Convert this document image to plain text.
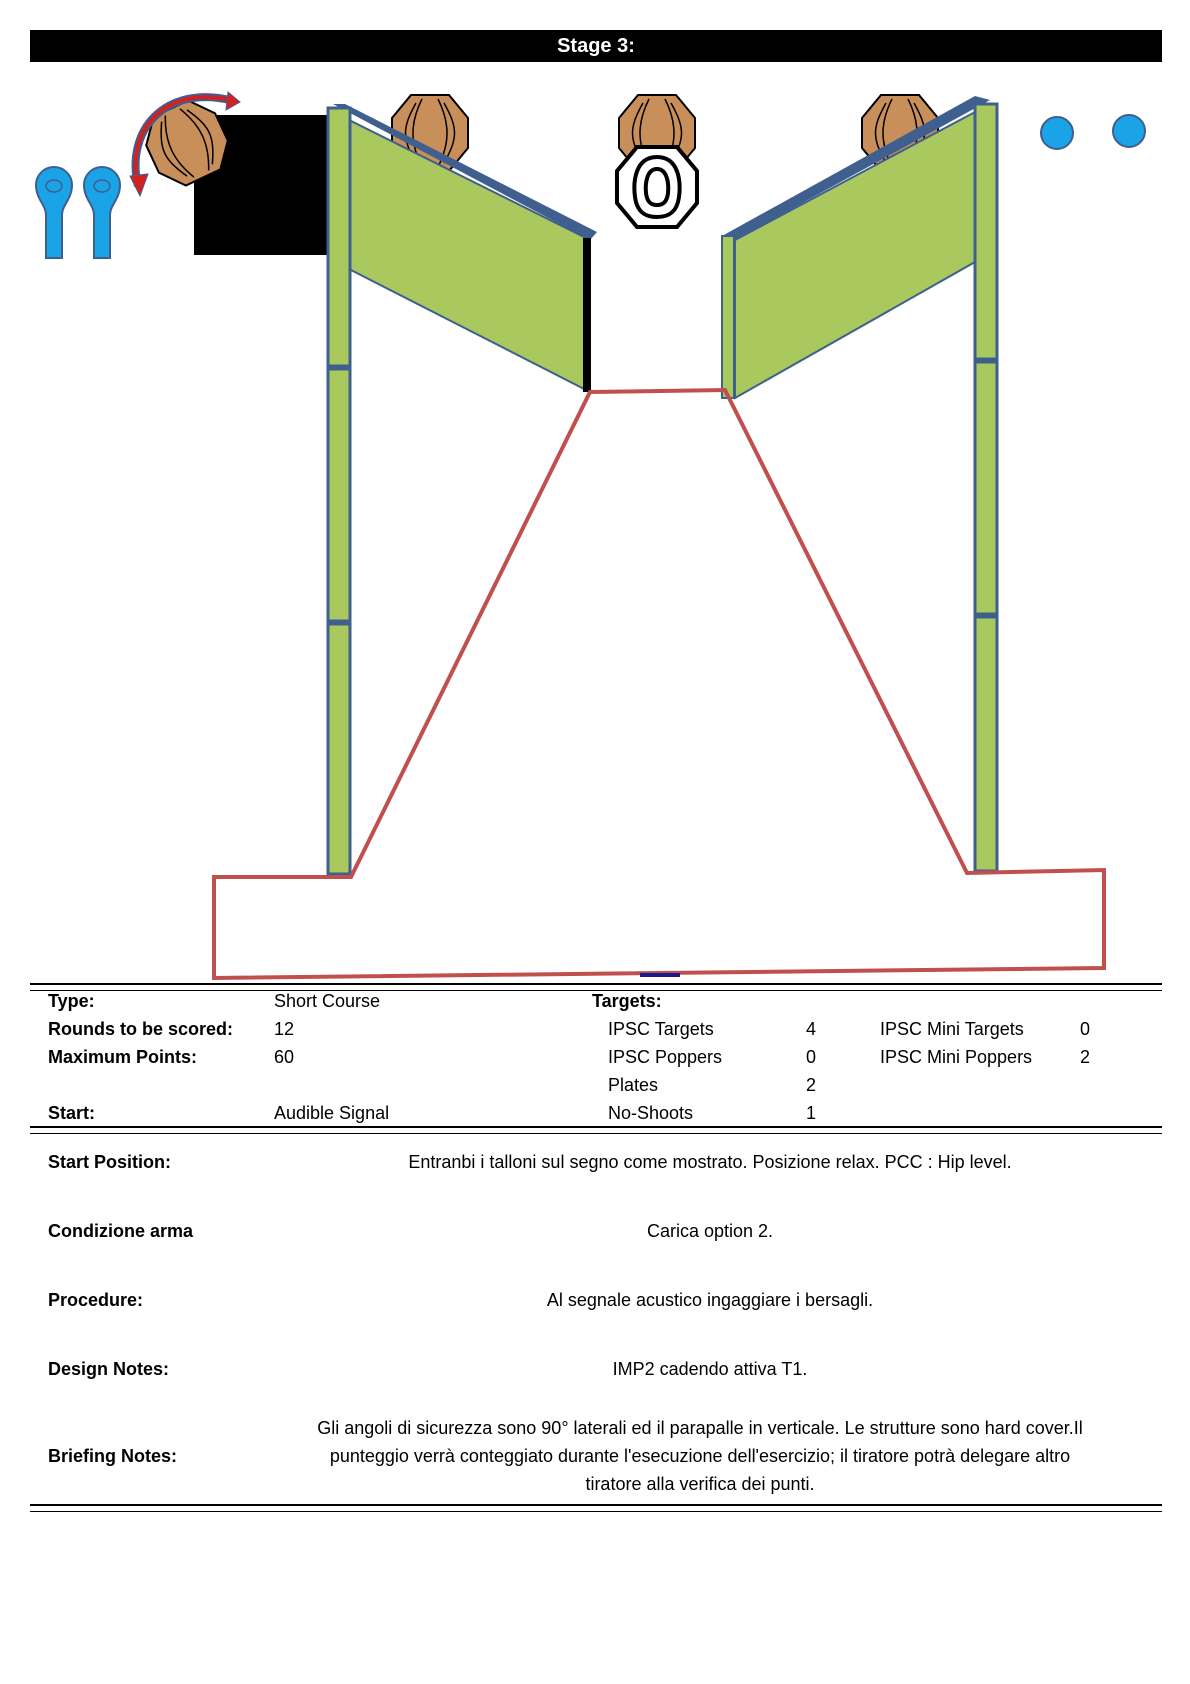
Stage 3:
Type:	Short Course
Rounds to be scored: 12
Maximum Points:	60
Start:	Audible Signal
Targets:
IPSC Targets	4
IPSC Poppers	0
Plates	2
No-Shoots	1
IPSC Mini Targets	0
IPSC Mini Poppers	2
Start Position:	Entranbi i talloni sul segno come mostrato. Posizione relax. PCC : Hip level.
Condizione arma	Carica option 2.
Procedure:	Al segnale acustico ingaggiare i bersagli.
Design Notes:	IMP2 cadendo attiva T1.
Briefing Notes:
Gli angoli di sicurezza sono 90° laterali ed il parapalle in verticale. Le strutture sono hard cover.Il punteggio verrà conteggiato durante l'esecuzione dell'esercizio; il tiratore potrà delegare altro tiratore alla verifica dei punti.
